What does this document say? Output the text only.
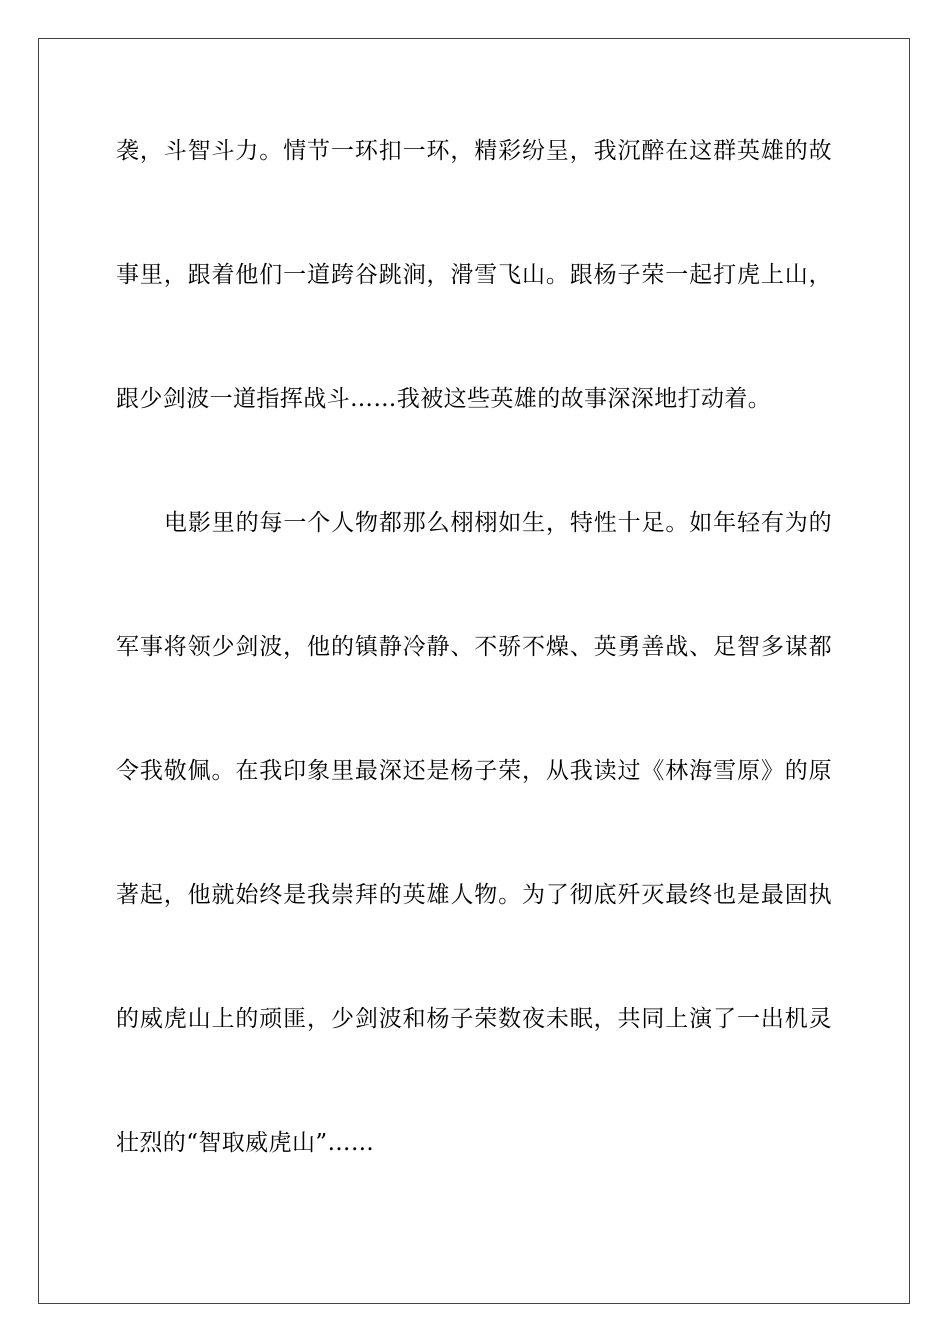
袭，斗智斗力。情节一环扣一环，精彩纷呈，我沉醉在这群英雄的故
事里，跟着他们一道跨谷跳涧，滑雪飞山。跟杨子荣一起打虎上山，
跟少剑波一道指挥战斗……我被这些英雄的故事深深地打动着。
电影里的每一个人物都那么栩栩如生，特性十足。如年轻有为的
军事将领少剑波，他的镇静冷静、不骄不燥、英勇善战、足智多谋都
令我敬佩。在我印象里最深还是杨子荣，从我读过《林海雪原》的原
著起，他就始终是我崇拜的英雄人物。为了彻底歼灭最终也是最固执
的威虎山上的顽匪，少剑波和杨子荣数夜未眠，共同上演了一出机灵
壮烈的“智取威虎山”……
